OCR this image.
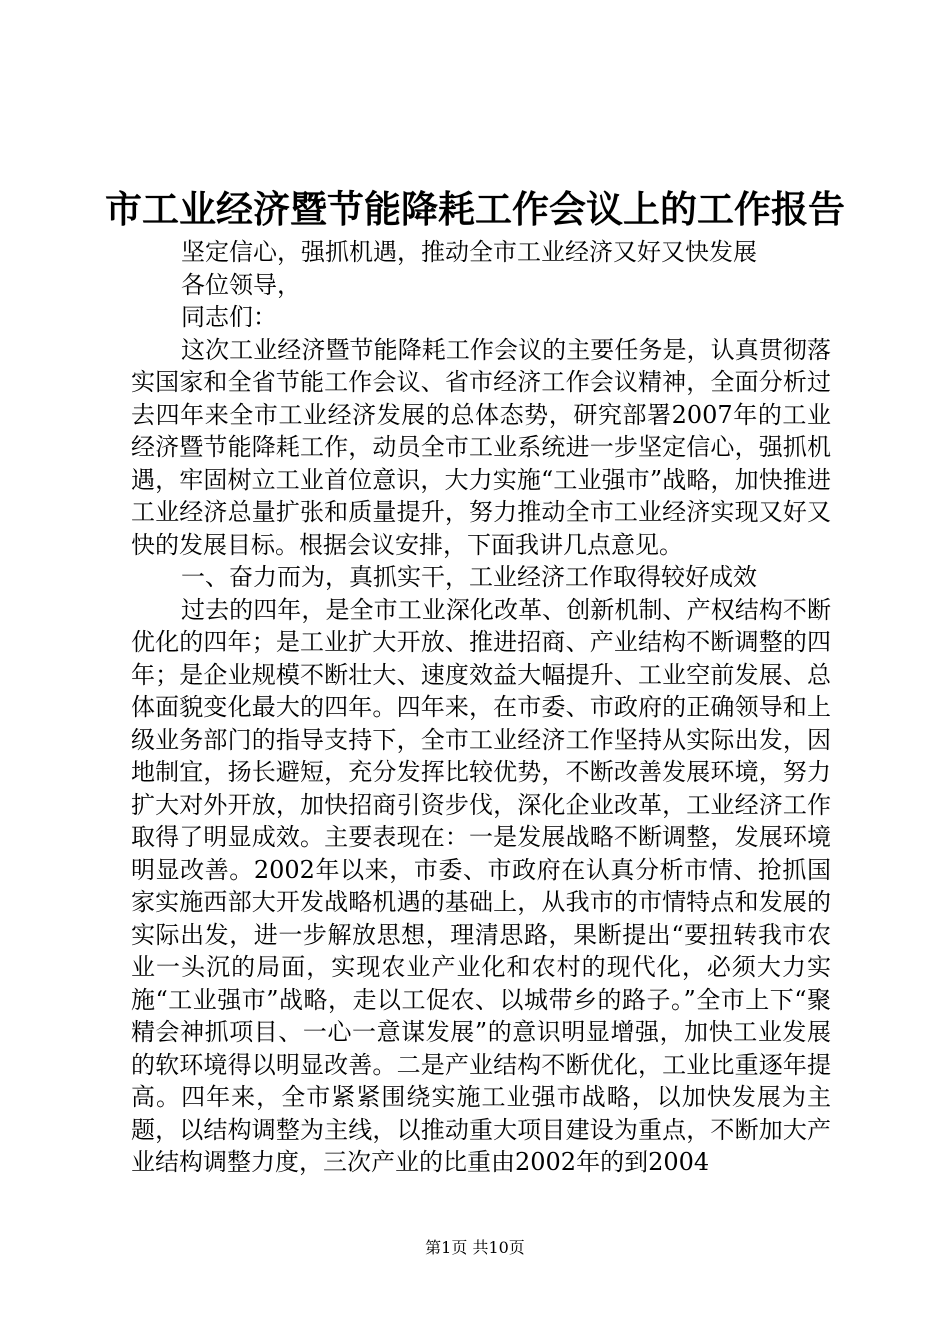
市工业经济暨节能降耗工作会议上的工作报告

坚定信心，强抓机遇，推动全市工业经济又好又快发展

各位领导，

同志们：

这次工业经济暨节能降耗工作会议的主要任务是，认真贯彻落实国家和全省节能工作会议、省市经济工作会议精神，全面分析过去四年来全市工业经济发展的总体态势，研究部署2007年的工业经济暨节能降耗工作，动员全市工业系统进一步坚定信心，强抓机遇，牢固树立工业首位意识，大力实施“工业强市”战略，加快推进工业经济总量扩张和质量提升，努力推动全市工业经济实现又好又快的发展目标。根据会议安排，下面我讲几点意见。

一、奋力而为，真抓实干，工业经济工作取得较好成效

过去的四年，是全市工业深化改革、创新机制、产权结构不断优化的四年；是工业扩大开放、推进招商、产业结构不断调整的四年；是企业规模不断壮大、速度效益大幅提升、工业空前发展、总体面貌变化最大的四年。四年来，在市委、市政府的正确领导和上级业务部门的指导支持下，全市工业经济工作坚持从实际出发，因地制宜，扬长避短，充分发挥比较优势，不断改善发展环境，努力扩大对外开放，加快招商引资步伐，深化企业改革，工业经济工作取得了明显成效。主要表现在：一是发展战略不断调整，发展环境明显改善。2002年以来，市委、市政府在认真分析市情、抢抓国家实施西部大开发战略机遇的基础上，从我市的市情特点和发展的实际出发，进一步解放思想，理清思路，果断提出“要扭转我市农业一头沉的局面，实现农业产业化和农村的现代化，必须大力实施“工业强市”战略，走以工促农、以城带乡的路子。”全市上下“聚精会神抓项目、一心一意谋发展”的意识明显增强，加快工业发展的软环境得以明显改善。二是产业结构不断优化，工业比重逐年提高。四年来，全市紧紧围绕实施工业强市战略，以加快发展为主题，以结构调整为主线，以推动重大项目建设为重点，不断加大产业结构调整力度，三次产业的比重由2002年的到2004

第1页 共10页
